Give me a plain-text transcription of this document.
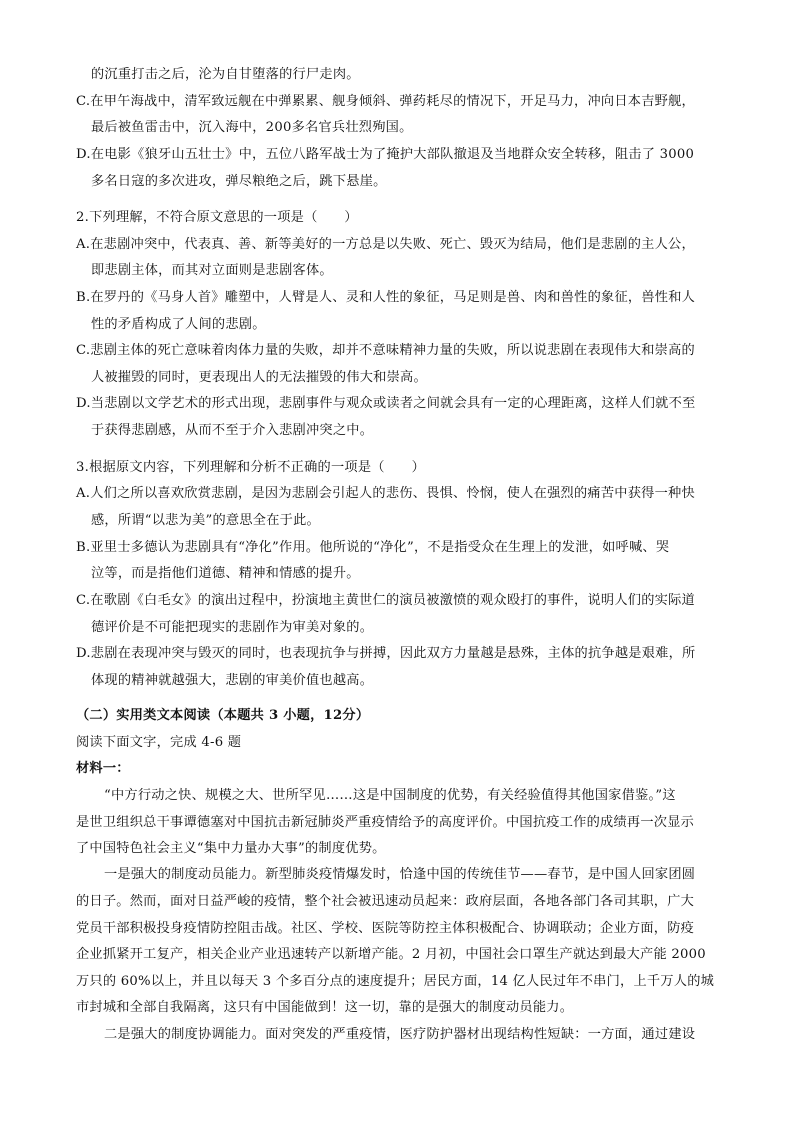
的沉重打击之后，沦为自甘堕落的行尸走肉。
C.在甲午海战中，清军致远舰在中弹累累、舰身倾斜、弹药耗尽的情况下，开足马力，冲向日本吉野舰，
最后被鱼雷击中，沉入海中，200多名官兵壮烈殉国。
D.在电影《狼牙山五壮士》中，五位八路军战士为了掩护大部队撤退及当地群众安全转移，阻击了 3000
多名日寇的多次进攻，弹尽粮绝之后，跳下悬崖。
2.下列理解，不符合原文意思的一项是（　　）
A.在悲剧冲突中，代表真、善、新等美好的一方总是以失败、死亡、毁灭为结局，他们是悲剧的主人公，
即悲剧主体，而其对立面则是悲剧客体。
B.在罗丹的《马身人首》雕塑中，人臂是人、灵和人性的象征，马足则是兽、肉和兽性的象征，兽性和人
性的矛盾构成了人间的悲剧。
C.悲剧主体的死亡意味着肉体力量的失败，却并不意味精神力量的失败，所以说悲剧在表现伟大和崇高的
人被摧毁的同时，更表现出人的无法摧毁的伟大和崇高。
D.当悲剧以文学艺术的形式出现，悲剧事件与观众或读者之间就会具有一定的心理距离，这样人们就不至
于获得悲剧感，从而不至于介入悲剧冲突之中。
3.根据原文内容，下列理解和分析不正确的一项是（　　）
A.人们之所以喜欢欣赏悲剧，是因为悲剧会引起人的悲伤、畏惧、怜悯，使人在强烈的痛苦中获得一种快
感，所谓“以悲为美”的意思全在于此。
B.亚里士多德认为悲剧具有“净化”作用。他所说的“净化”，不是指受众在生理上的发泄，如呼喊、哭
泣等，而是指他们道德、精神和情感的提升。
C.在歌剧《白毛女》的演出过程中，扮演地主黄世仁的演员被激愤的观众殴打的事件，说明人们的实际道
德评价是不可能把现实的悲剧作为审美对象的。
D.悲剧在表现冲突与毁灭的同时，也表现抗争与拼搏，因此双方力量越是悬殊，主体的抗争越是艰难，所
体现的精神就越强大，悲剧的审美价值也越高。
（二）实用类文本阅读（本题共 3 小题，12分）
阅读下面文字，完成 4-6 题
材料一：
“中方行动之快、规模之大、世所罕见……这是中国制度的优势，有关经验值得其他国家借鉴。”这
是世卫组织总干事谭德塞对中国抗击新冠肺炎严重疫情给予的高度评价。中国抗疫工作的成绩再一次显示
了中国特色社会主义“集中力量办大事”的制度优势。
一是强大的制度动员能力。新型肺炎疫情爆发时，恰逢中国的传统佳节——春节，是中国人回家团圆
的日子。然而，面对日益严峻的疫情，整个社会被迅速动员起来：政府层面，各地各部门各司其职，广大
党员干部积极投身疫情防控阻击战。社区、学校、医院等防控主体积极配合、协调联动；企业方面，防疫
企业抓紧开工复产，相关企业产业迅速转产以新增产能。2 月初，中国社会口罩生产就达到最大产能 2000
万只的 60%以上，并且以每天 3 个多百分点的速度提升；居民方面，14 亿人民过年不串门，上千万人的城
市封城和全部自我隔离，这只有中国能做到！这一切，靠的是强大的制度动员能力。
二是强大的制度协调能力。面对突发的严重疫情，医疗防护器材出现结构性短缺：一方面，通过建设
